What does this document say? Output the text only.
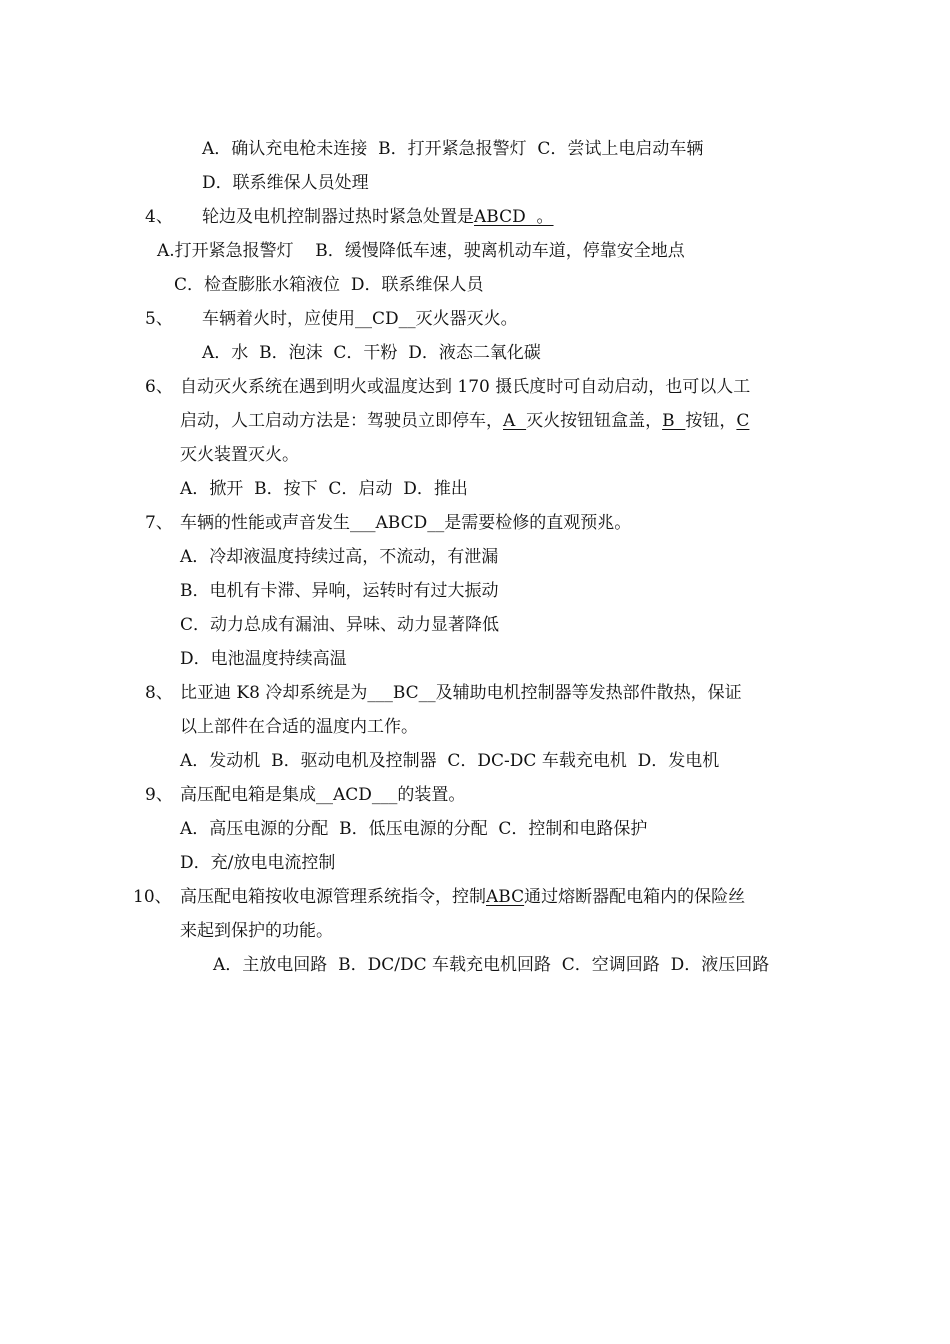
A．确认充电枪未连接  B．打开紧急报警灯  C．尝试上电启动车辆
D．联系维保人员处理
4、 轮边及电机控制器过热时紧急处置是ABCD  。
A.打开紧急报警灯    B．缓慢降低车速，驶离机动车道，停靠安全地点
C．检查膨胀水箱液位  D．联系维保人员
5、 车辆着火时，应使用__CD__灭火器灭火。
A．水  B．泡沫  C．干粉  D．液态二氧化碳
6、 自动灭火系统在遇到明火或温度达到 170 摄氏度时可自动启动，也可以人工
启动，人工启动方法是：驾驶员立即停车，A  灭火按钮钮盒盖，B  按钮，C
灭火装置灭火。
A．掀开  B．按下  C．启动  D．推出
7、 车辆的性能或声音发生___ABCD__是需要检修的直观预兆。
A．冷却液温度持续过高，不流动，有泄漏
B．电机有卡滞、异响，运转时有过大振动
C．动力总成有漏油、异味、动力显著降低
D．电池温度持续高温
8、 比亚迪 K8 冷却系统是为___BC__及辅助电机控制器等发热部件散热，保证
以上部件在合适的温度内工作。
A．发动机  B．驱动电机及控制器  C．DC-DC 车载充电机  D．发电机
9、 高压配电箱是集成__ACD___的装置。
A．高压电源的分配  B．低压电源的分配  C．控制和电路保护
D．充/放电电流控制
10、 高压配电箱按收电源管理系统指令，控制ABC通过熔断器配电箱内的保险丝
来起到保护的功能。
A．主放电回路  B．DC/DC 车载充电机回路  C．空调回路  D．液压回路
